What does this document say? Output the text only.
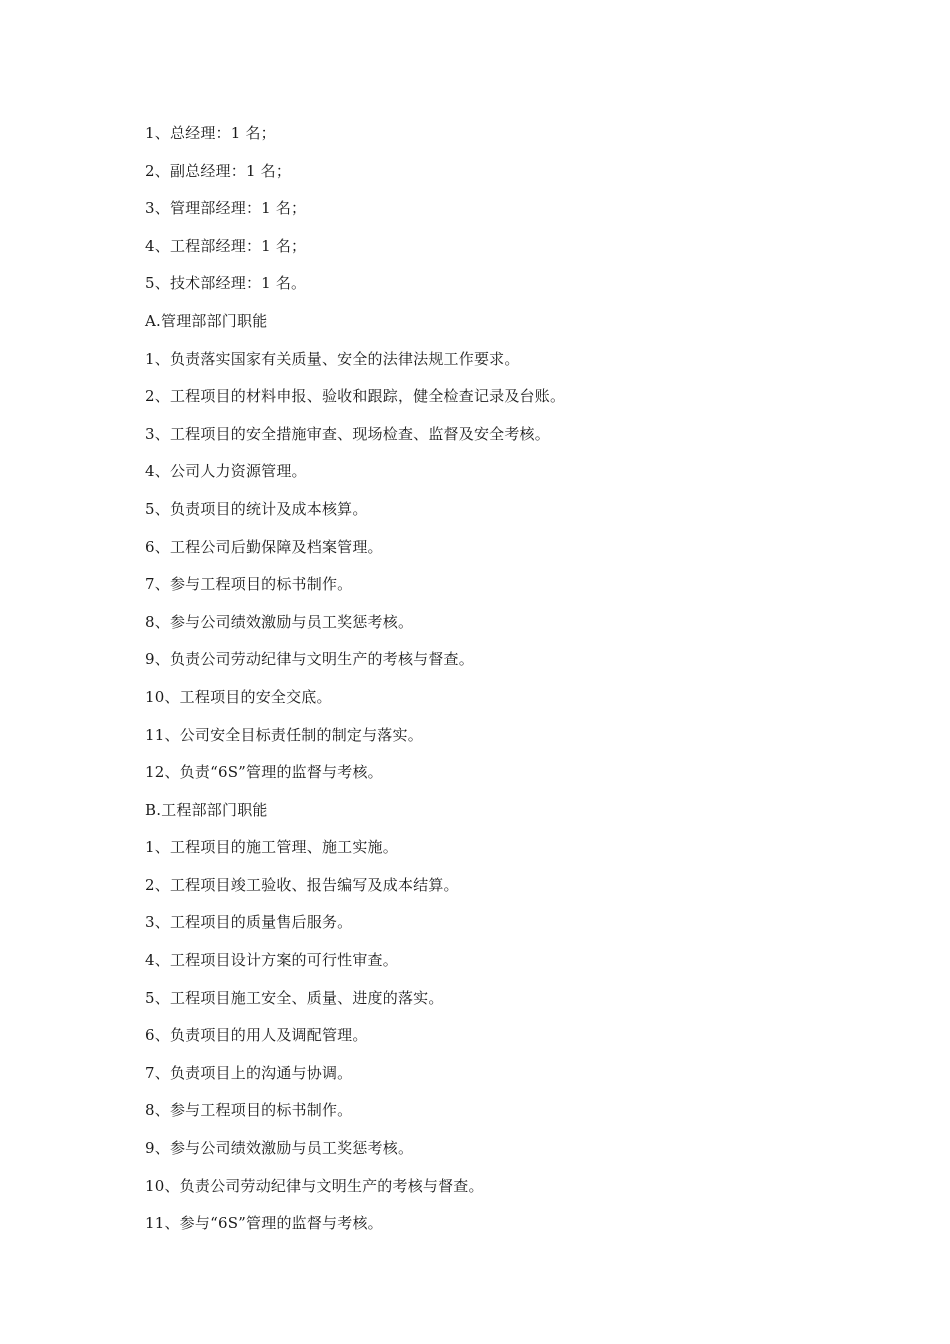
1、总经理：1 名；
2、副总经理：1 名；
3、管理部经理：1 名；
4、工程部经理：1 名；
5、技术部经理：1 名。
A.管理部部门职能
1、负责落实国家有关质量、安全的法律法规工作要求。
2、工程项目的材料申报、验收和跟踪，健全检查记录及台账。
3、工程项目的安全措施审查、现场检查、监督及安全考核。
4、公司人力资源管理。
5、负责项目的统计及成本核算。
6、工程公司后勤保障及档案管理。
7、参与工程项目的标书制作。
8、参与公司绩效激励与员工奖惩考核。
9、负责公司劳动纪律与文明生产的考核与督查。
10、工程项目的安全交底。
11、公司安全目标责任制的制定与落实。
12、负责“6S”管理的监督与考核。
B.工程部部门职能
1、工程项目的施工管理、施工实施。
2、工程项目竣工验收、报告编写及成本结算。
3、工程项目的质量售后服务。
4、工程项目设计方案的可行性审查。
5、工程项目施工安全、质量、进度的落实。
6、负责项目的用人及调配管理。
7、负责项目上的沟通与协调。
8、参与工程项目的标书制作。
9、参与公司绩效激励与员工奖惩考核。
10、负责公司劳动纪律与文明生产的考核与督查。
11、参与“6S”管理的监督与考核。
